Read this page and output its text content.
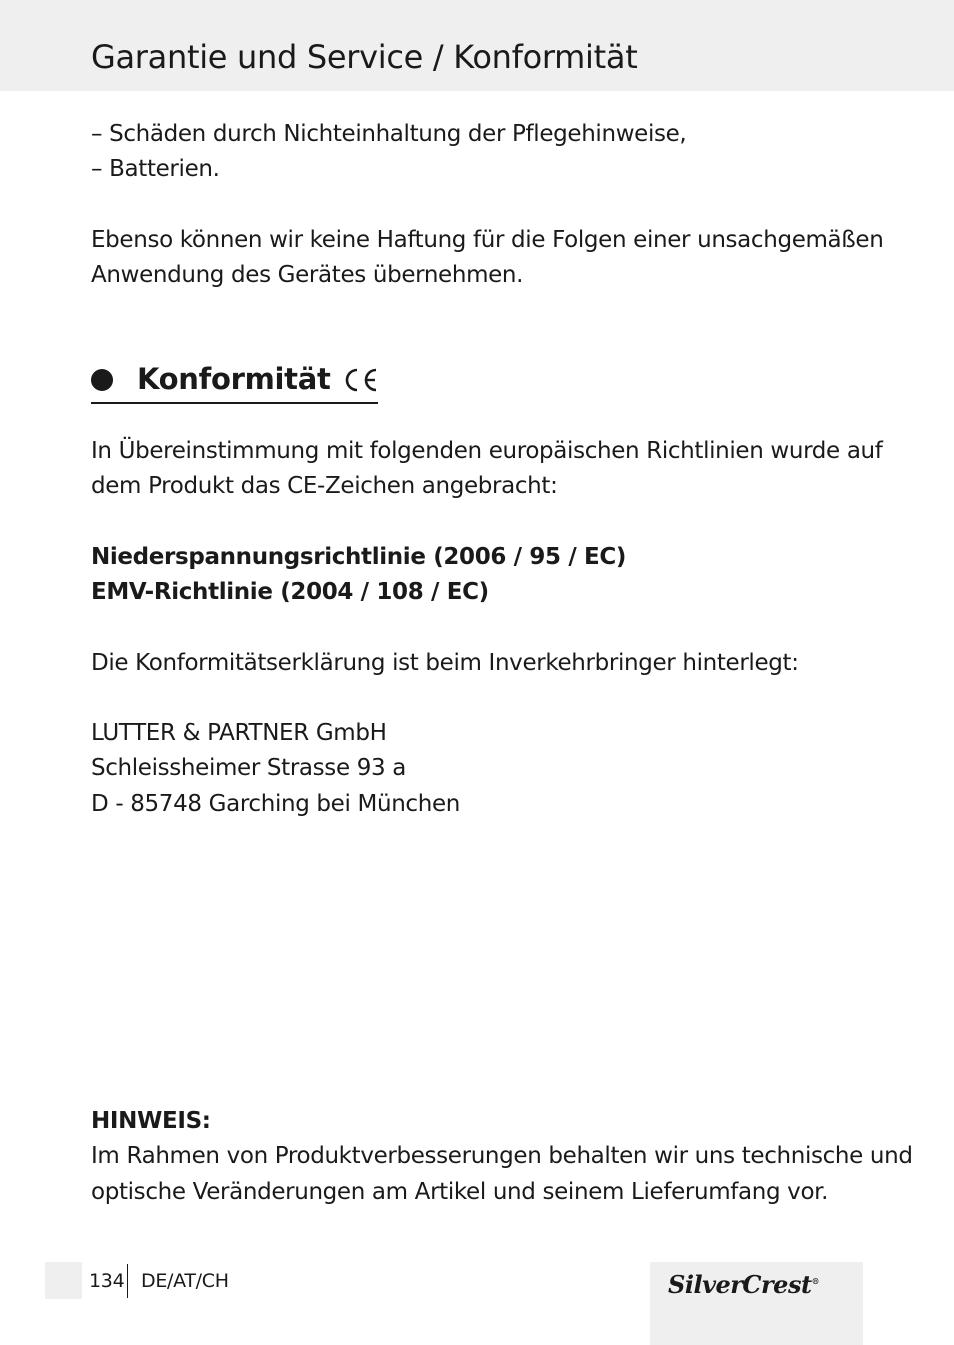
Garantie und Service / Konformität
– Schäden durch Nichteinhaltung der Pflegehinweise,
– Batterien.
Ebenso können wir keine Haftung für die Folgen einer unsachgemäßen
Anwendung des Gerätes übernehmen.
Konformität
In Übereinstimmung mit folgenden europäischen Richtlinien wurde auf
dem Produkt das CE-Zeichen angebracht:
Niederspannungsrichtlinie (2006 / 95 / EC)
EMV-Richtlinie (2004 / 108 / EC)
Die Konformitätserklärung ist beim Inverkehrbringer hinterlegt:
LUTTER & PARTNER GmbH
Schleissheimer Strasse 93 a
D - 85748 Garching bei München
HINWEIS:
Im Rahmen von Produktverbesserungen behalten wir uns technische und
optische Veränderungen am Artikel und seinem Lieferumfang vor.
134 DE/AT/CH	SilverCrest®
